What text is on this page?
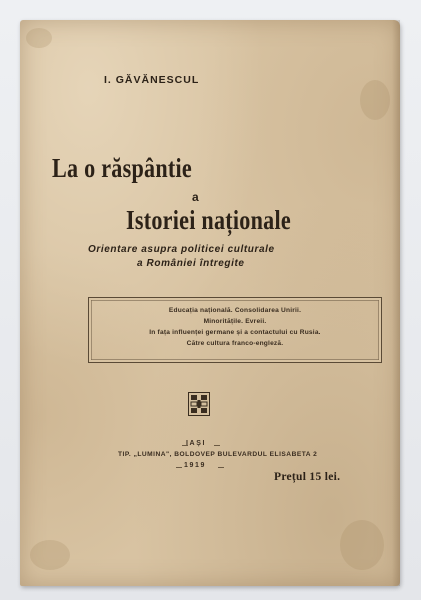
I. GĂVĂNESCUL
La o răspântie
a
Istoriei naționale
Orientare asupra politicei culturale
a României întregite
Educația națională. Consolidarea Unirii.
Minoritățile. Evreii.
In fața influenței germane și a contactului cu Rusia.
Către cultura franco-engleză.
IAȘI
TIP. „LUMINA", BOLDOVEP BULEVARDUL ELISABETA 2
1919
Prețul 15 lei.
